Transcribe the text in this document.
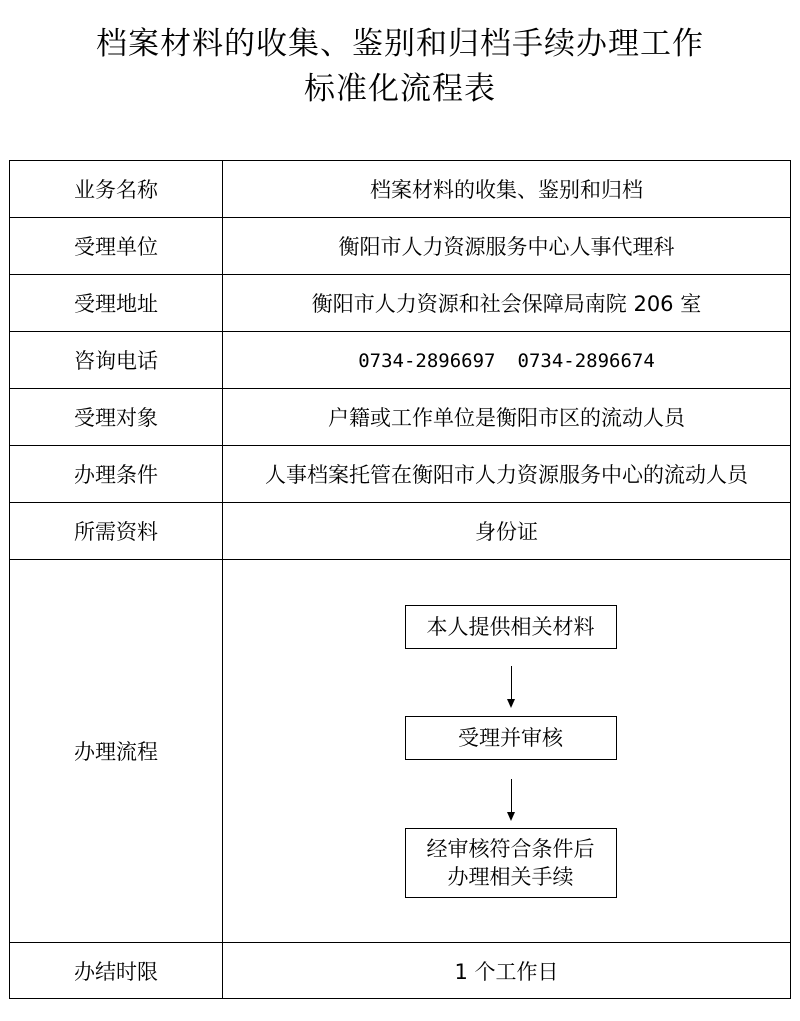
档案材料的收集、鉴别和归档手续办理工作
标准化流程表
业务名称	档案材料的收集、鉴别和归档
受理单位	衡阳市人力资源服务中心人事代理科
受理地址	衡阳市人力资源和社会保障局南院 206 室
咨询电话	0734-2896697 0734-2896674
受理对象	户籍或工作单位是衡阳市区的流动人员
办理条件	人事档案托管在衡阳市人力资源服务中心的流动人员
所需资料	身份证
办理流程	本人提供相关材料
受理并审核
经审核符合条件后
办理相关手续

办结时限	1 个工作日
